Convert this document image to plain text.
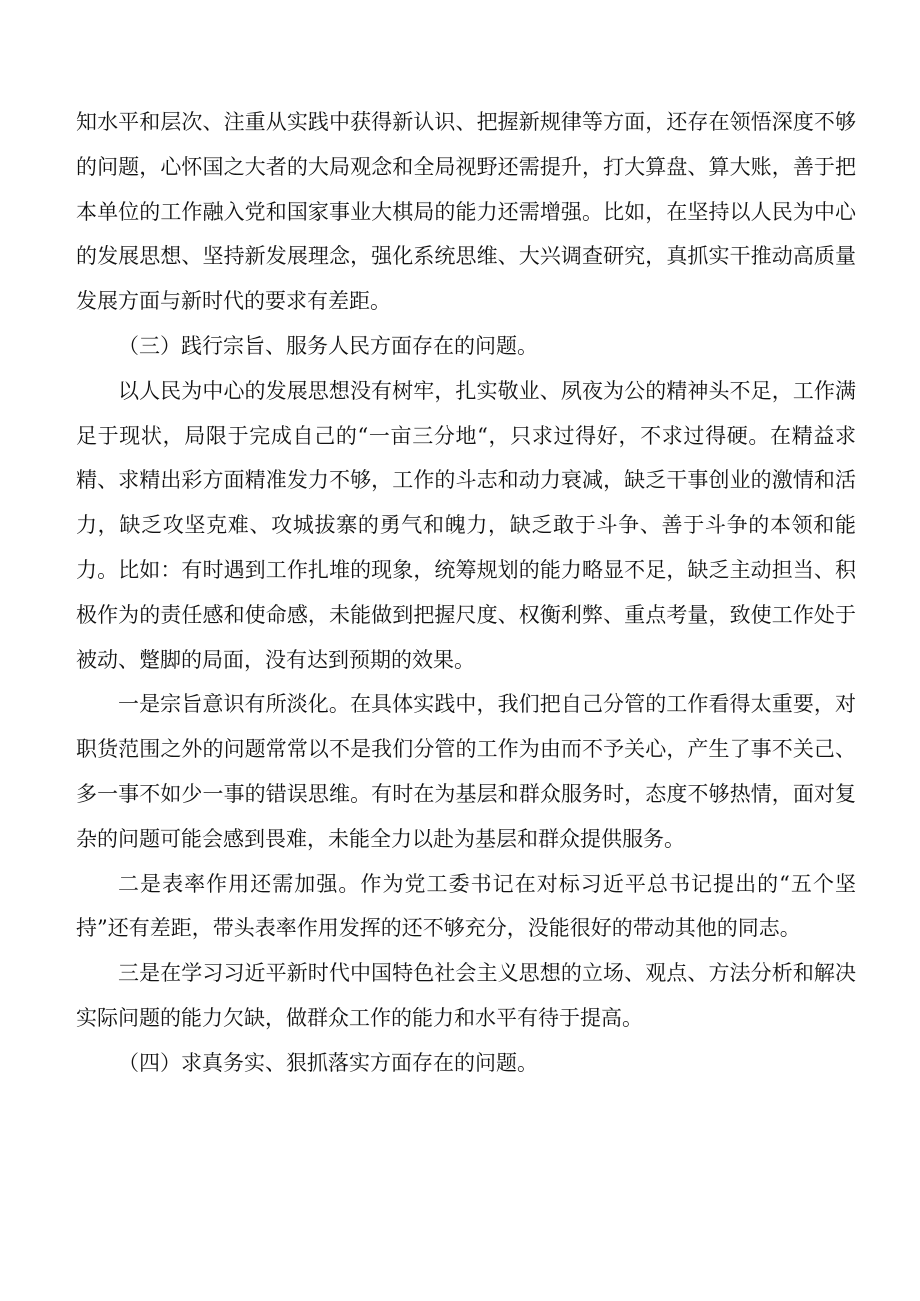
知水平和层次、注重从实践中获得新认识、把握新规律等方面，还存在领悟深度不够的问题，心怀国之大者的大局观念和全局视野还需提升，打大算盘、算大账，善于把本单位的工作融入党和国家事业大棋局的能力还需增强。比如，在坚持以人民为中心的发展思想、坚持新发展理念，强化系统思维、大兴调查研究，真抓实干推动高质量发展方面与新时代的要求有差距。

（三）践行宗旨、服务人民方面存在的问题。

以人民为中心的发展思想没有树牢，扎实敬业、夙夜为公的精神头不足，工作满足于现状，局限于完成自己的“一亩三分地“，只求过得好，不求过得硬。在精益求精、求精出彩方面精准发力不够，工作的斗志和动力衰减，缺乏干事创业的激情和活力，缺乏攻坚克难、攻城拔寨的勇气和魄力，缺乏敢于斗争、善于斗争的本领和能力。比如：有时遇到工作扎堆的现象，统筹规划的能力略显不足，缺乏主动担当、积极作为的责任感和使命感，未能做到把握尺度、权衡利弊、重点考量，致使工作处于被动、蹩脚的局面，没有达到预期的效果。

一是宗旨意识有所淡化。在具体实践中，我们把自己分管的工作看得太重要，对职货范围之外的问题常常以不是我们分管的工作为由而不予关心，产生了事不关己、多一事不如少一事的错误思维。有时在为基层和群众服务时，态度不够热情，面对复杂的问题可能会感到畏难，未能全力以赴为基层和群众提供服务。

二是表率作用还需加强。作为党工委书记在对标习近平总书记提出的“五个坚持”还有差距，带头表率作用发挥的还不够充分，没能很好的带动其他的同志。

三是在学习习近平新时代中国特色社会主义思想的立场、观点、方法分析和解决实际问题的能力欠缺，做群众工作的能力和水平有待于提高。

（四）求真务实、狠抓落实方面存在的问题。
